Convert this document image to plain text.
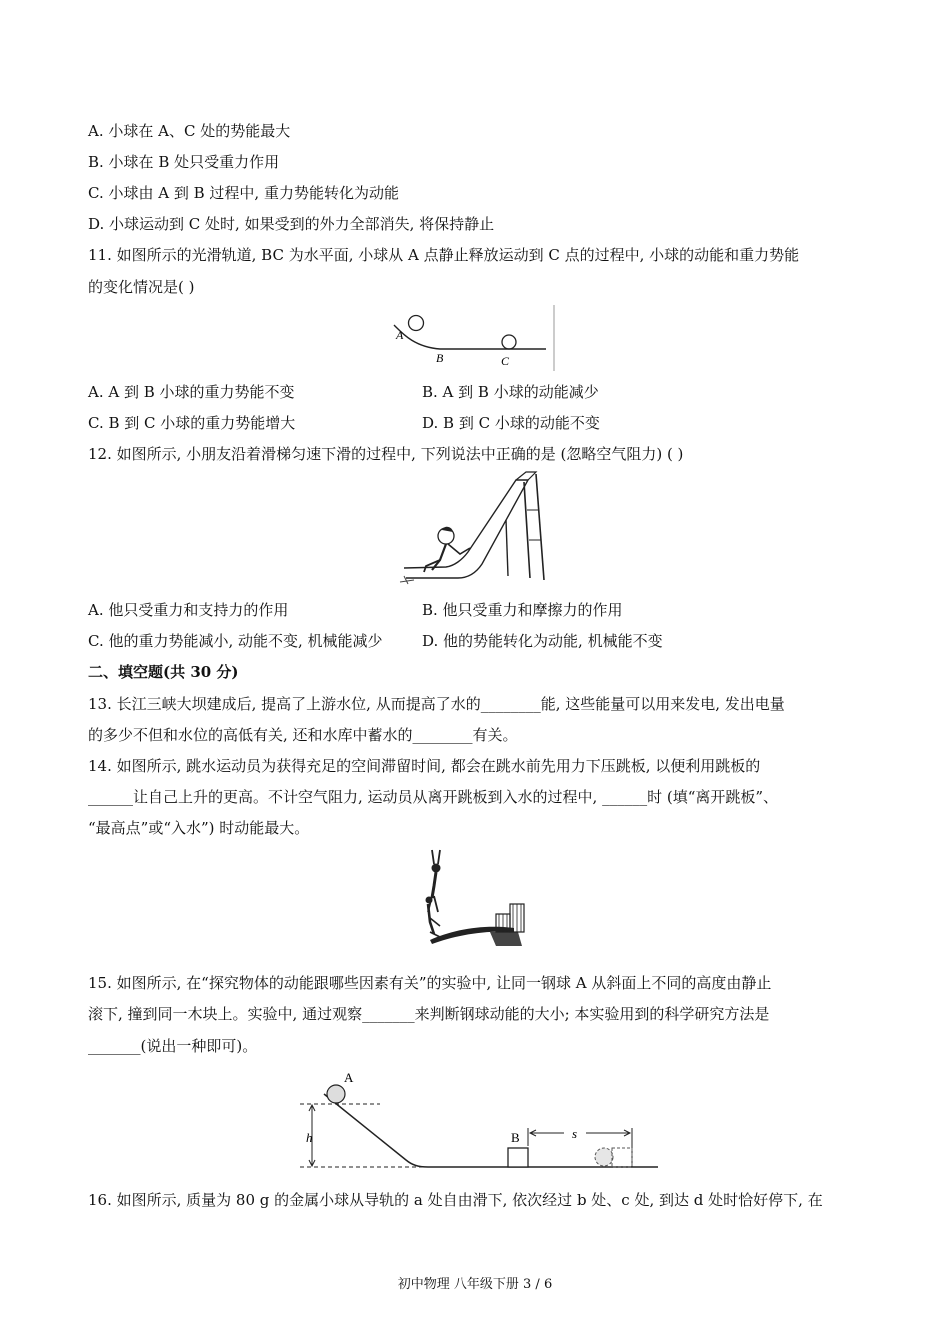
A. 小球在 A、C 处的势能最大
B. 小球在 B 处只受重力作用
C. 小球由 A 到 B 过程中, 重力势能转化为动能
D. 小球运动到 C 处时, 如果受到的外力全部消失, 将保持静止
11. 如图所示的光滑轨道, BC 为水平面, 小球从 A 点静止释放运动到 C 点的过程中, 小球的动能和重力势能
的变化情况是( )
A
B	C
A. A 到 B 小球的重力势能不变	B. A 到 B 小球的动能减少
C. B 到 C 小球的重力势能增大	D. B 到 C 小球的动能不变
12. 如图所示, 小朋友沿着滑梯匀速下滑的过程中, 下列说法中正确的是 (忽略空气阻力) ( )
A. 他只受重力和支持力的作用	B. 他只受重力和摩擦力的作用
C. 他的重力势能减小, 动能不变, 机械能减少	D. 他的势能转化为动能, 机械能不变
二、填空题(共 30 分)
13. 长江三峡大坝建成后, 提高了上游水位, 从而提高了水的________能, 这些能量可以用来发电, 发出电量
的多少不但和水位的高低有关, 还和水库中蓄水的________有关。
14. 如图所示, 跳水运动员为获得充足的空间滞留时间, 都会在跳水前先用力下压跳板, 以便利用跳板的
______让自己上升的更高。不计空气阻力, 运动员从离开跳板到入水的过程中, ______时 (填“离开跳板”、
“最高点”或“入水”) 时动能最大。
15. 如图所示, 在“探究物体的动能跟哪些因素有关”的实验中, 让同一钢球 A 从斜面上不同的高度由静止
滚下, 撞到同一木块上。实验中, 通过观察_______来判断钢球动能的大小; 本实验用到的科学研究方法是
_______(说出一种即可)。
h
A
B	s
16. 如图所示, 质量为 80 g 的金属小球从导轨的 a 处自由滑下, 依次经过 b 处、c 处, 到达 d 处时恰好停下, 在
初中物理 八年级下册 3 / 6
